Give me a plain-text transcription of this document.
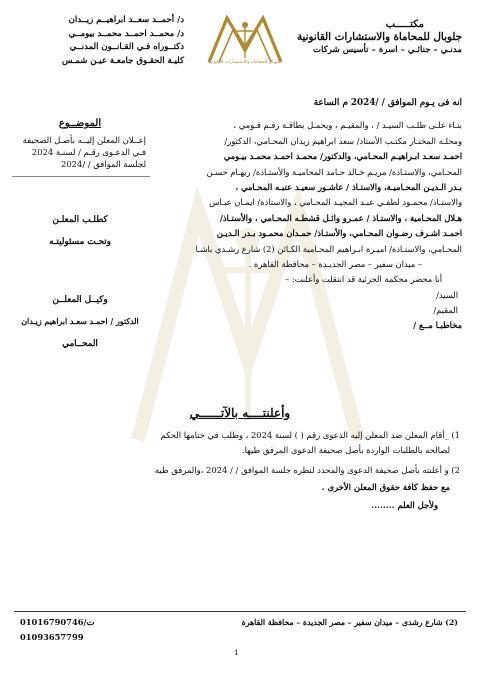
مكتـــــب
جلوبال للمحاماة والاستشارات القانونية
مدنـي – جنائـي – اسرة – تأسيس شركات
جلوبال للمحاماه والاستشارات القانونيه
د/ أحمــد سعــد ابراهيــم زيــدان
د/ محمــد احمــد محمــد بيومــي
دكتــوراه فـي القـانــون المدنــي
كليـة الحقـوق جامعـة عيـن شمـس
انه فى يـوم الموافق / /2024 م الساعة
بنـاء علـى طلـب السيـد / ، والمقيـم ، ويحمـل بطاقـة رقـم قـومي ،
ومحلـه المختـار مكتـب الأستاذ/ سعد ابراهيم زيدان المحـامي، الدكتور/
احمـد سعـد ابـراهيـم المحـامي، والدكتور/ محمـد احمـد محمـد بيـومي
المحـامي، والاستـاذة/ مريـم خـالد حـامد المحاميـة والأستـاذة/ ريهـام حسـن
بـدر الـديـن المحـاميـة، والاستـاذ / عاشـور سعيـد عتبـه المحـامي ،
والاستـاذ/ محمـود لطفـي عبـد المجيـد المحـامي ، والاستاذة/ ايمـان عبـاس
هـلال المحـامية ، والاستـاذ / عمـرو وائـل قشطـه المحـامي ، والأستـاذ/
احمـد اشـرف رضـوان المحـامي، والأستـاذ/ حمـدان محمـود بـدر الـديـن
المحـامي، والاستـاذة/ اميـرة ابـراهيم المحـامية الكـائن (2) شارع رشـدي باشـا
– ميدان سفير – مصر الجديـدة – محافظة القاهرة .
أنا محضر محكمة الجزئية قد انتقلت وأعلنت: –
السيد/
المقيم/
مخاطبـا مــع /
الموضــوع
إعــلان المعلن إليــه بأصـل الصحيفة
فـي الدعـوى رقـم / لسنـة 2024
لجلسة الموافق / /2024
كطلـب المعلـن
وتحـت مسئوليتـه
وكيــل المعلــن
الدكتور / احمـد سعـد ابراهيم زيـدان
المحــامي
وأعلنتــــه بالآتــــــي
1) _أقام المعلن ضد المعلن إليه الدعوى رقم ( ) لسنة 2024 ، وطلب في ختامها الحكم
لصالحه بالطلبات الواردة بأصل صحيفة الدعوى المرفق طيها.
2) و أعلنته بأصل صحيفة الدعوى والمحدد لنظره جلسة الموافق / / 2024 ،والمرفق طيه
مع حفظ كافة حقوق المعلن الأخرى .
ولأجل العلم ........
(2) شارع رشدى – ميدان سفير – مصر الجديدة – محافظة القاهرة
01016790746/ت
01093657799
1
